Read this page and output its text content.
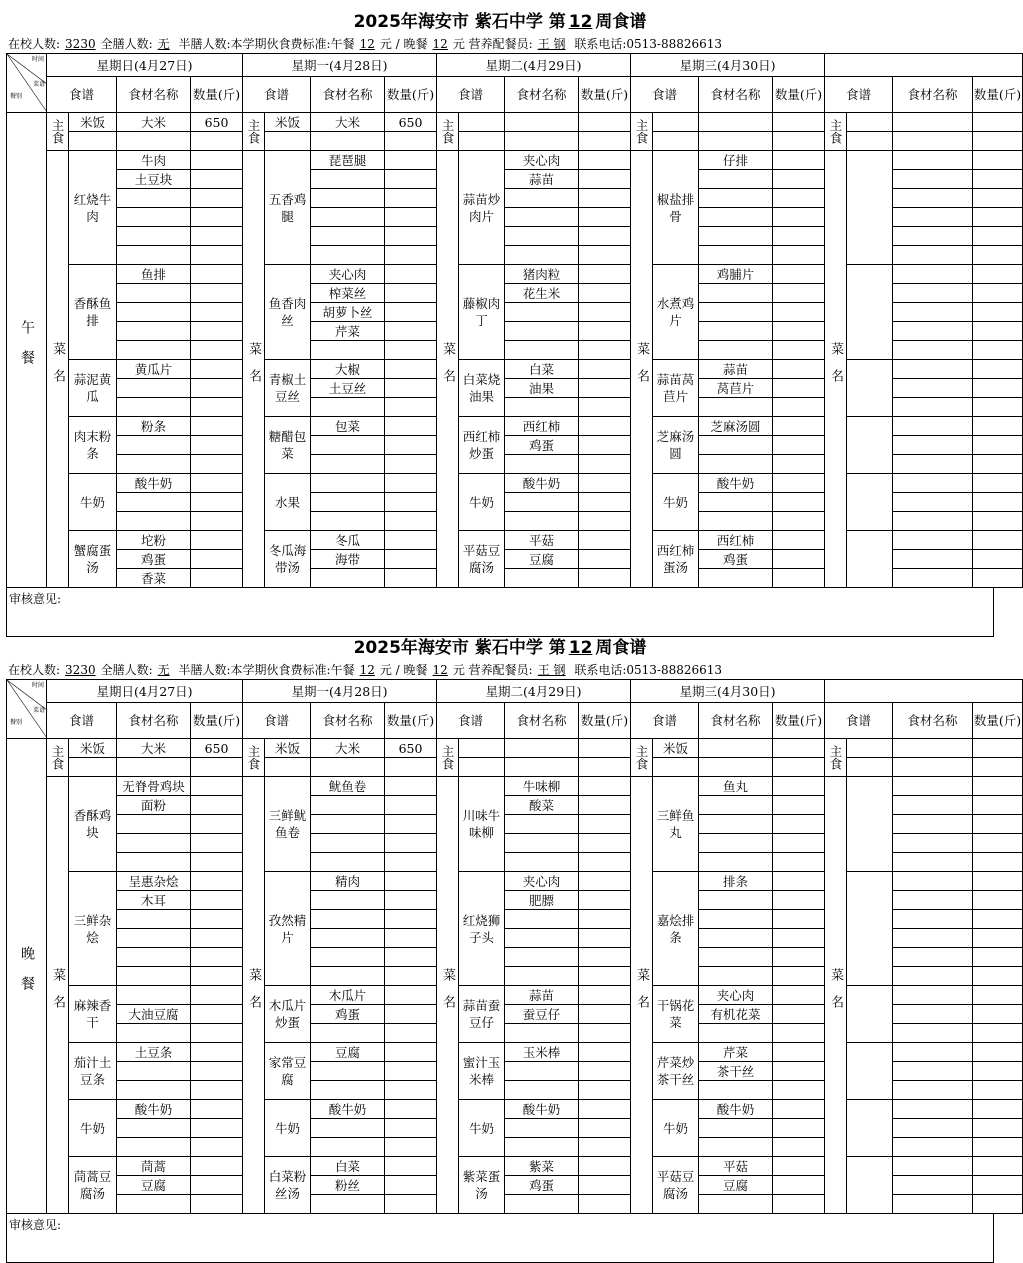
2025年海安市 紫石中学 第 12 周食谱
在校人数: 3230 全膳人数: 无 半膳人数:本学期伙食费标准:午餐 12 元 / 晚餐 12 元 营养配餐员: 王 钢 联系电话:0513-88826613
时间
菜谱
餐别	星期日(4月27日)				星期一(4月28日)				星期二(4月29日)				星期三(4月30日)							
	食谱		食材名称	数量(斤)	食谱		食材名称	数量(斤)	食谱		食材名称	数量(斤)	食谱		食材名称	数量(斤)	食谱		食材名称	数量(斤)

午餐	主食	米饭	大米	650	主食	米饭	大米	650	主食				主食				主食			

	菜名	红烧牛肉	牛肉		菜名	五香鸡腿	琵琶腿		菜名	蒜苗炒肉片	夹心肉		菜名	椒盐排骨	仔排		菜名			

			土豆块								蒜苗									

		香酥鱼排	鱼排			鱼香肉丝	夹心肉			藤椒肉丁	猪肉粒			水煮鸡片	鸡脯片					
							榨菜丝				花生米									
							胡萝卜丝													
							芹菜													

		蒜泥黄瓜	黄瓜片			青椒土豆丝	大椒			白菜烧油果	白菜			蒜苗莴苣片	蒜苗					
							土豆丝				油果				莴苣片					

		肉末粉条	粉条			糖醋包菜	包菜			西红柿炒蛋	西红柿			芝麻汤圆	芝麻汤圆					
											鸡蛋									

		牛奶	酸牛奶			水果				牛奶	酸牛奶			牛奶	酸牛奶					

		蟹腐蛋汤	坨粉			冬瓜海带汤	冬瓜			平菇豆腐汤	平菇			西红柿蛋汤	西红柿					
			鸡蛋				海带				豆腐				鸡蛋					
			香菜																	
审核意见:
2025年海安市 紫石中学 第 12 周食谱
在校人数: 3230 全膳人数: 无 半膳人数:本学期伙食费标准:午餐 12 元 / 晚餐 12 元 营养配餐员: 王 钢 联系电话:0513-88826613
时间
菜谱
餐别	星期日(4月27日)				星期一(4月28日)				星期二(4月29日)				星期三(4月30日)							
	食谱		食材名称	数量(斤)	食谱		食材名称	数量(斤)	食谱		食材名称	数量(斤)	食谱		食材名称	数量(斤)	食谱		食材名称	数量(斤)

晚餐	主食	米饭	大米	650	主食	米饭	大米	650	主食				主食	米饭			主食			

	菜名	香酥鸡块	无脊骨鸡块		菜名	三鲜鱿鱼卷	鱿鱼卷		菜名	川味牛味柳	牛味柳		菜名	三鲜鱼丸	鱼丸		菜名			

			面粉								酸菜									

		三鲜杂烩	呈惠杂烩			孜然精片	精肉			红烧狮子头	夹心肉			嘉烩排条	排条					
			木耳								肥膘									

		麻辣香干				木瓜片炒蛋	木瓜片			蒜苗蚕豆仔	蒜苗			干锅花菜	夹心肉					
			大油豆腐				鸡蛋				蚕豆仔				有机花菜					

		茄汁土豆条	土豆条			家常豆腐	豆腐			蜜汁玉米棒	玉米棒			芹菜炒茶干丝	芹菜					
															茶干丝					

		牛奶	酸牛奶			牛奶	酸牛奶			牛奶	酸牛奶			牛奶	酸牛奶					

		茼蒿豆腐汤	茼蒿			白菜粉丝汤	白菜			紫菜蛋汤	紫菜			平菇豆腐汤	平菇					
			豆腐				粉丝				鸡蛋				豆腐					

审核意见:
